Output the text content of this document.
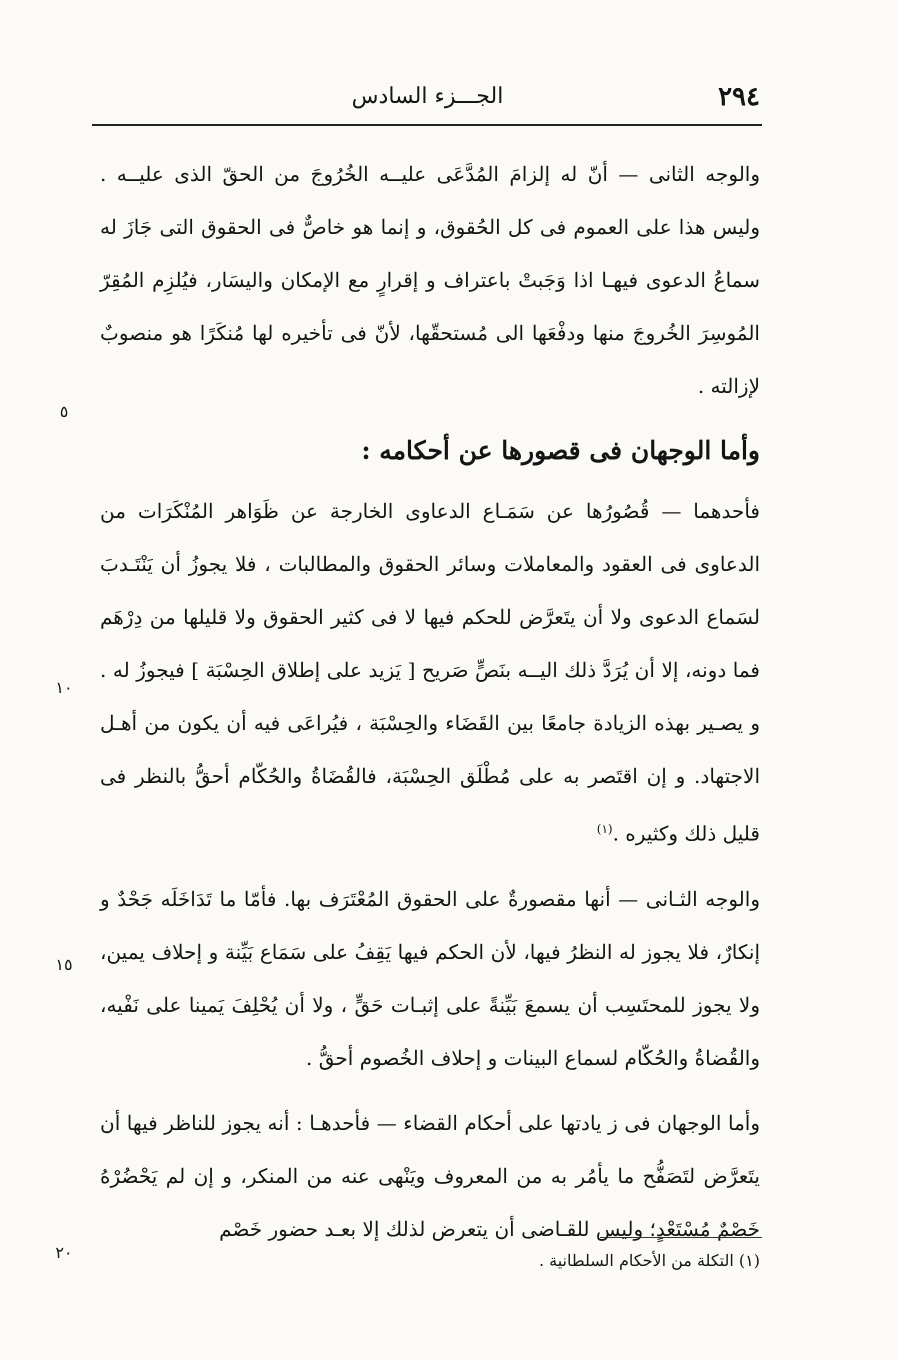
٢٩٤
الجـــزء السادس

والوجه الثانى — أنّ له إلزامَ المُدَّعَى عليــه الخُرُوجَ من الحقّ الذى عليــه . وليس هذا على العموم فى كل الحُقوق، و إنما هو خاصٌّ فى الحقوق التى جَازَ له سماعُ الدعوى فيهـا اذا وَجَبتْ باعتراف و إقرارٍ مع الإمكان واليسَار، فيُلزِم المُقِرّ المُوسِرَ الخُروجَ منها ودفْعَها الى مُستحقّها، لأنّ فى تأخيره لها مُنكَرًا هو منصوبٌ لإزالته .

وأما الوجهان فى قصورها عن أحكامه :

فأحدهما — قُصُورُها عن سَمَـاع الدعاوى الخارجة عن ظَوَاهر المُنْكَرَات من الدعاوى فى العقود والمعاملات وسائر الحقوق والمطالبات ، فلا يجوزُ أن يَنْتَـدبَ لسَماع الدعوى ولا أن يتَعرَّض للحكم فيها لا فى كثير الحقوق ولا قليلها من دِرْهَم فما دونه، إلا أن يُرَدَّ ذلك اليــه بنَصٍّ صَريح [ يَزيد على إطلاق الحِسْبَة ] فيجوزُ له . و يصـير بهذه الزيادة جامعًا بين القَضَاء والحِسْبَة ، فيُراعَى فيه أن يكون من أهـل الاجتهاد. و إن اقتَصر به على مُطْلَق الحِسْبَة، فالقُضَاةُ والحُكّام أحقُّ بالنظر فى قليل ذلك وكثيره .$^{(١)}$

والوجه الثـانى — أنها مقصورةٌ على الحقوق المُعْتَرَف بها. فأمّا ما تَدَاخَلَه جَحْدٌ و إنكارٌ، فلا يجوز له النظرُ فيها، لأن الحكم فيها يَقِفُ على سَمَاع بَيِّنة و إحلاف يمين، ولا يجوز للمحتَسِب أن يسمعَ بَيِّنةً على إثبـات حَقٍّ ، ولا أن يُحْلِفَ يَمينا على نَفْيه، والقُضاةُ والحُكّام لسماع البينات و إحلاف الخُصوم أحقُّ .

وأما الوجهان فى ز يادتها على أحكام القضاء — فأحدهـا : أنه يجوز للناظر فيها أن يتَعرَّض لتَصَفُّح ما يأمُر به من المعروف ويَنْهى عنه من المنكر، و إن لم يَحْضُرْهُ خَصْمٌ مُسْتَعْدٍ؛ وليس للقـاضى أن يتعرض لذلك إلا بعـد حضور خَصْم

٥
١٠
١٥
٢٠	(١) التكلة من الأحكام السلطانية .
